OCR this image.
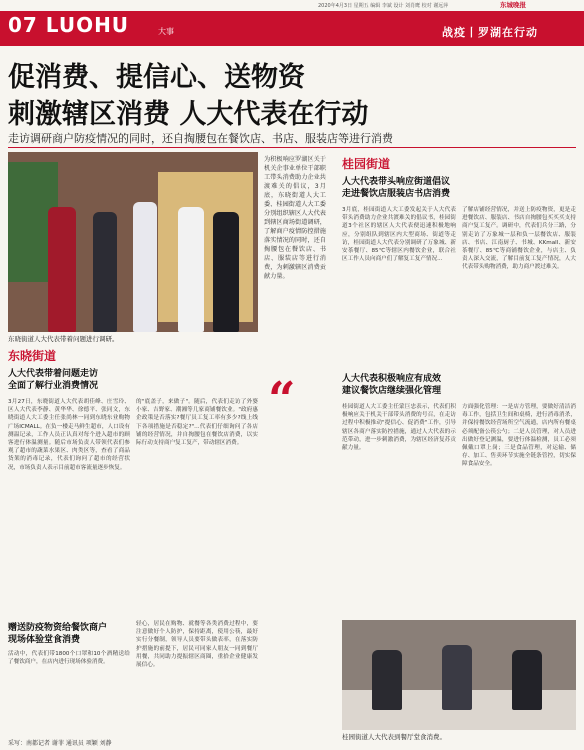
2020年4月3日 星期五 编辑 李斌 设计 刘肖鹰 校对 谢远萍	东城晚报
07 LUOHU	大事	战疫丨罗湖在行动
促消费、提信心、送物资
刺激辖区消费 人大代表在行动
走访调研商户防疫情况的同时，还自掏腰包在餐饮店、书店、服装店等进行消费
东晓街道人大代表带着问题进行调研。
为积极响应罗湖区关于机关企事业单位干部职工带头消费助力企业共渡难关的倡议，3月底，东晓街道人大工委、桂园街道人大工委分别组织辖区人大代表到辖区商场街道调研，了解商户疫情防控措施落实情况的同时，还自掏腰包在餐饮店、书店、服装店等进行消费，为刺激辖区消费贡献力量。
“
东晓街道
人大代表带着问题走访
全面了解行业消费情况
3月27日，东晓街道人大代表胡佳峰、庄雪玲、区人大代表李静、黄华华、徐德平、张同文，东晓街道人大工委主任张尚林一同到东晓东业购物广场ICMALL。在负一楼走马鲜生超市，人口设有测温记录，工作人员正认真对每个进入超市的顾客进行体温测量。随后市场负责人带领代表们参观了超市的蔬菜水果区、肉类区等，查看了商品货架的消毒记录，代表们询问了超市的经营状况，市场负责人表示目前超市客流量逐步恢复。
的"底盖子，来做子"。随后，代表们走访了外婆小家、吉野家、潮湘等几家商铺餐饮业。"政府惠企政策是否落实?餐厅员工复工率有多少?线上线下各项措施是否稳定?"...代表们仔细询问了各店铺的经营情况，并自掏腰包在餐饮店消费，以实际行动支持商户复工复产，带动辖区消费。
赠送防疫物资给餐饮商户
现场体验堂食消费
活动中，代表们带1800个口罩和10个酒精送给了餐饮商户，在店内进行现场体验消费。
轻心，居民在购物、就餐等各类消费过程中，要注意做好个人防护，保持距离，使用公筷，最好实行分餐制，领导人员要带头做表率，在落实防护措施的前提下，居民可同家人朋友一同到餐厅用餐，共同助力提振辖区商圈，重拾企业健康发展信心。
桂园街道
人大代表带头响应街道倡议
走进餐饮店服装店书店消费
3月底，桂园街道人大工委发起关于人大代表带头消费助力企业共渡难关的倡议书，桂园街道3个社区的辖区人大代表便迅速积极地响应，分别组队到辖区内大型商场、街道等走访，桂园街道人大代表分别调研了万象城、新安茶餐厅、85℃等辖区内餐饮企业，联合社区工作人员向商户们了解复工复产情况...
了解店铺经营情况，并送上防疫物资，更是走进餐饮店、服装店、书店自掏腰包买买买支持商户复工复产。调研中，代表们兵分三路，分别走访了万象城一层和负一层餐饮店、服装店、书店、江南厨子、书城、KKmall、新安茶餐厅、85℃等商铺餐饮企业，与店主、负责人深入交流，了解目前复工复产情况，人大代表带头购物消费，助力商户渡过难关。
人大代表积极响应有成效
建议餐饮店继续强化管理
桂园街道人大工委主任蒙巨忠表示，代表们积极响应关于机关干部带头消费的号召，在走访过程中积极推动"提信心、促消费"工作，引导辖区各商户落实防控措施，通过人大代表的示范带动，进一步刺激消费，为辖区经济复苏贡献力量。
方面强化管理：一是店方管理，要做好清洁消毒工作，包括卫生间和桌椅，进行消毒消杀，并保持餐饮经营场所空气流通，店内所有餐桌必须配备公筷公勺；二是人员管理，对人员进出做好登记测温，要进行体温检测，员工必须佩戴口罩上岗；三是食品管理，对运输、储存、加工、售卖环节实施全链条管控，切实保障食品安全。
桂园街道人大代表到餐厅堂食消费。
采写：南都记者 谢菲 通讯员 项颖 刘静
